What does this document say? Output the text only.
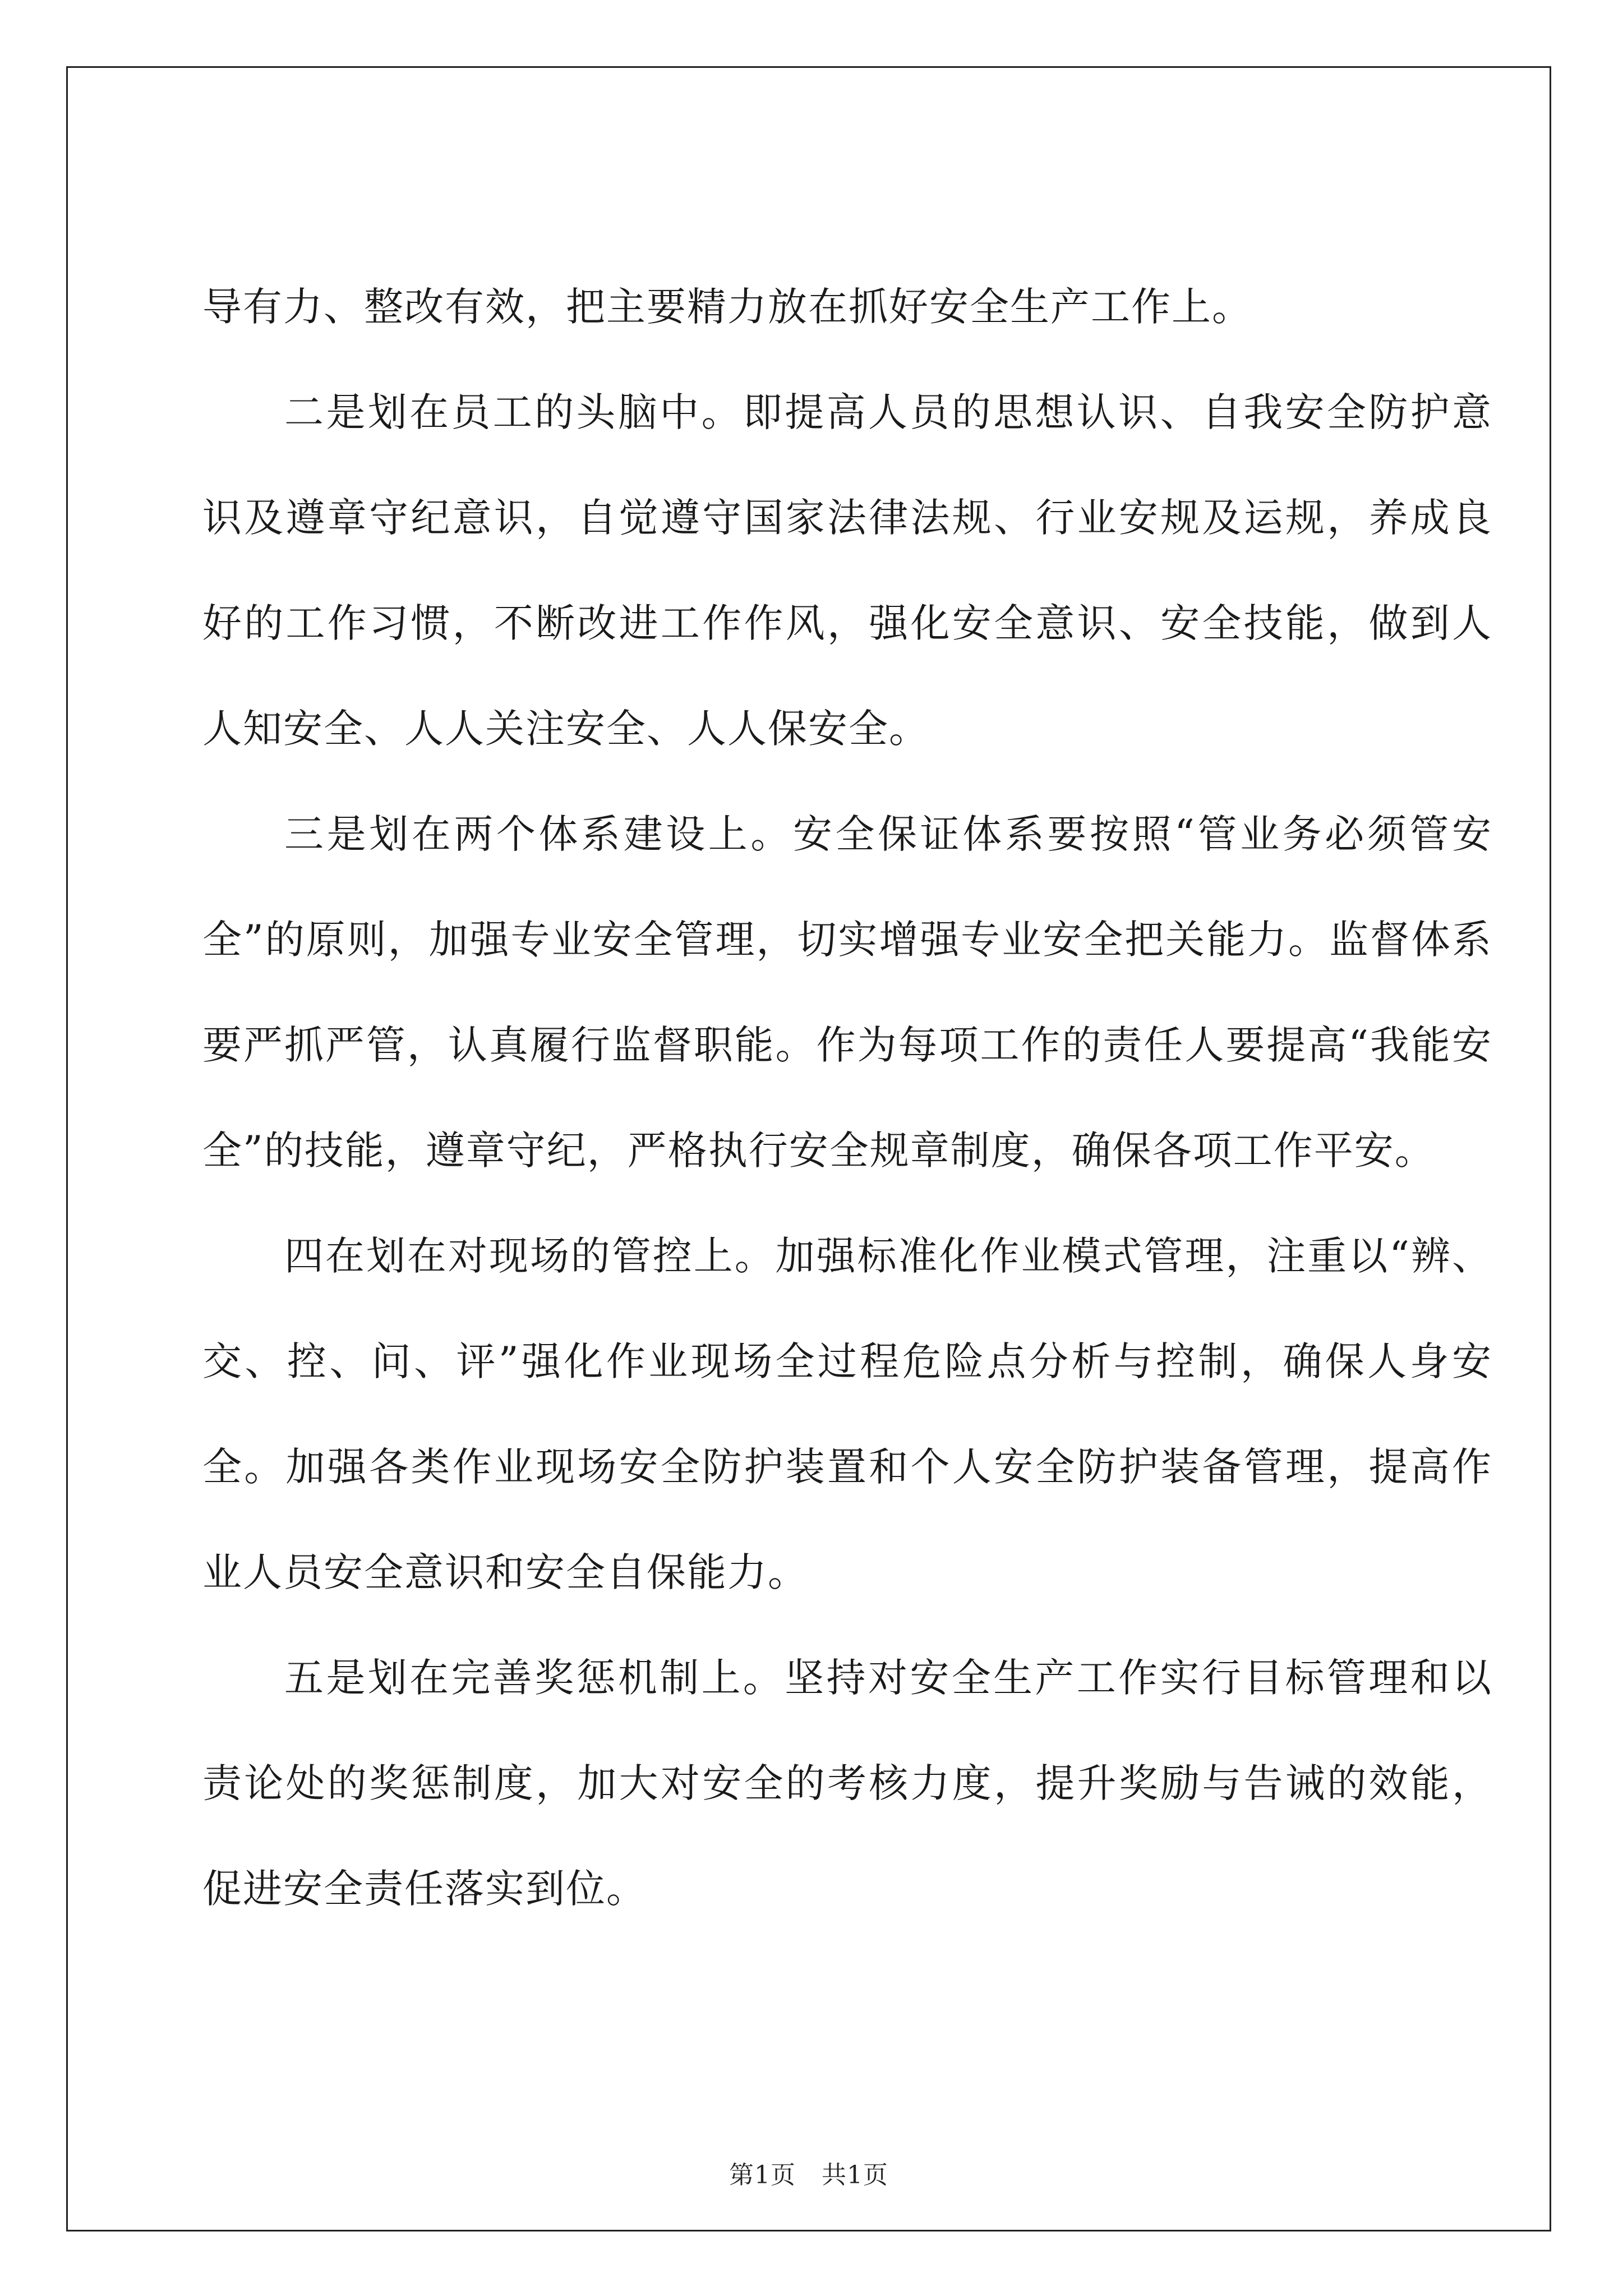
导有力、整改有效，把主要精力放在抓好安全生产工作上。

二是划在员工的头脑中。即提高人员的思想认识、自我安全防护意识及遵章守纪意识，自觉遵守国家法律法规、行业安规及运规，养成良好的工作习惯，不断改进工作作风，强化安全意识、安全技能，做到人人知安全、人人关注安全、人人保安全。

三是划在两个体系建设上。安全保证体系要按照“管业务必须管安全”的原则，加强专业安全管理，切实增强专业安全把关能力。监督体系要严抓严管，认真履行监督职能。作为每项工作的责任人要提高“我能安全”的技能，遵章守纪，严格执行安全规章制度，确保各项工作平安。

四在划在对现场的管控上。加强标准化作业模式管理，注重以“辨、交、控、问、评”强化作业现场全过程危险点分析与控制，确保人身安全。加强各类作业现场安全防护装置和个人安全防护装备管理，提高作业人员安全意识和安全自保能力。

五是划在完善奖惩机制上。坚持对安全生产工作实行目标管理和以责论处的奖惩制度，加大对安全的考核力度，提升奖励与告诫的效能，促进安全责任落实到位。

第1页 共1页
